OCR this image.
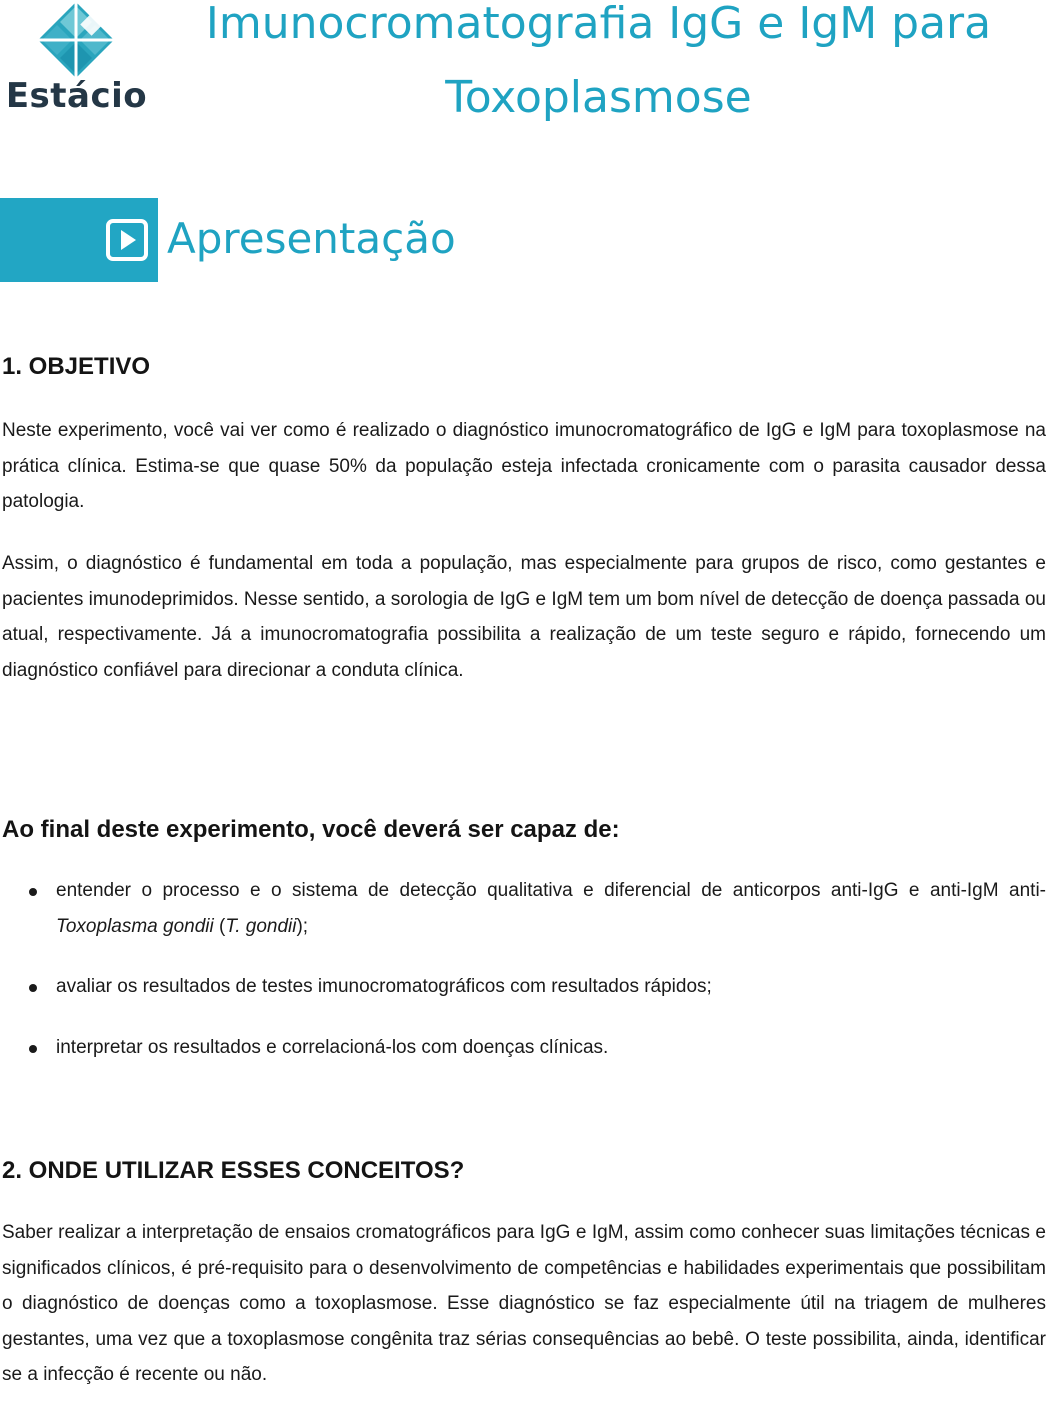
Estácio
Imunocromatografia IgG e IgM para
Toxoplasmose
Apresentação
1. OBJETIVO

Neste experimento, você vai ver como é realizado o diagnóstico imunocromatográfico de IgG e IgM para toxoplasmose na prática clínica. Estima-se que quase 50% da população esteja infectada cronicamente com o parasita causador dessa patologia.

Assim, o diagnóstico é fundamental em toda a população, mas especialmente para grupos de risco, como gestantes e pacientes imunodeprimidos. Nesse sentido, a sorologia de IgG e IgM tem um bom nível de detecção de doença passada ou atual, respectivamente. Já a imunocromatografia possibilita a realização de um teste seguro e rápido, fornecendo um diagnóstico confiável para direcionar a conduta clínica.

Ao final deste experimento, você deverá ser capaz de:
entender o processo e o sistema de detecção qualitativa e diferencial de anticorpos anti-IgG e anti-IgM anti-Toxoplasma gondii (T. gondii);
avaliar os resultados de testes imunocromatográficos com resultados rápidos;
interpretar os resultados e correlacioná-los com doenças clínicas.
2. ONDE UTILIZAR ESSES CONCEITOS?

Saber realizar a interpretação de ensaios cromatográficos para IgG e IgM, assim como conhecer suas limitações técnicas e significados clínicos, é pré-requisito para o desenvolvimento de competências e habilidades experimentais que possibilitam o diagnóstico de doenças como a toxoplasmose. Esse diagnóstico se faz especialmente útil na triagem de mulheres gestantes, uma vez que a toxoplasmose congênita traz sérias consequências ao bebê. O teste possibilita, ainda, identificar se a infecção é recente ou não.
